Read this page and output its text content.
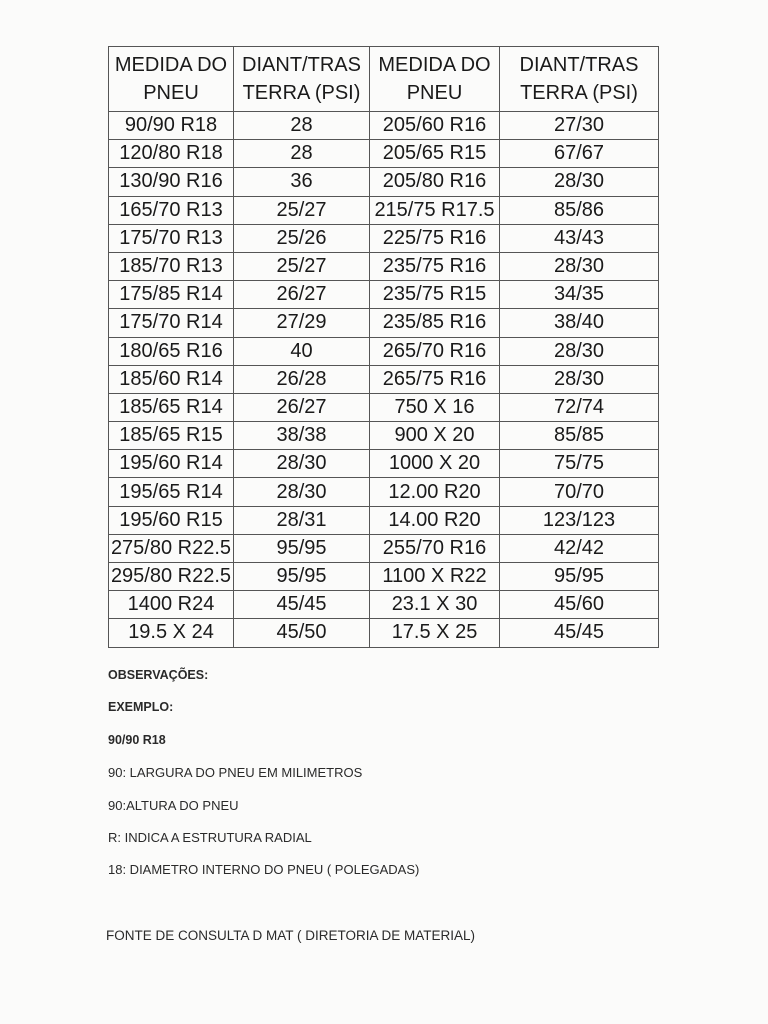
MEDIDA DO PNEU	DIANT/TRAS TERRA (PSI)	MEDIDA DO PNEU	DIANT/TRAS TERRA (PSI)
90/90 R18	28	205/60 R16	27/30
120/80 R18	28	205/65 R15	67/67
130/90 R16	36	205/80 R16	28/30
165/70 R13	25/27	215/75 R17.5	85/86
175/70 R13	25/26	225/75 R16	43/43
185/70 R13	25/27	235/75 R16	28/30
175/85 R14	26/27	235/75 R15	34/35
175/70 R14	27/29	235/85 R16	38/40
180/65 R16	40	265/70 R16	28/30
185/60 R14	26/28	265/75 R16	28/30
185/65 R14	26/27	750 X 16	72/74
185/65 R15	38/38	900 X 20	85/85
195/60 R14	28/30	1000 X 20	75/75
195/65 R14	28/30	12.00 R20	70/70
195/60 R15	28/31	14.00 R20	123/123
275/80 R22.5	95/95	255/70 R16	42/42
295/80 R22.5	95/95	1100 X R22	95/95
1400 R24	45/45	23.1 X 30	45/60
19.5 X 24	45/50	17.5 X 25	45/45
OBSERVAÇÕES:
EXEMPLO:
90/90 R18
90: LARGURA DO PNEU EM MILIMETROS
90:ALTURA DO PNEU
R: INDICA A ESTRUTURA RADIAL
18: DIAMETRO INTERNO DO PNEU ( POLEGADAS)
FONTE DE CONSULTA D MAT ( DIRETORIA DE MATERIAL)
